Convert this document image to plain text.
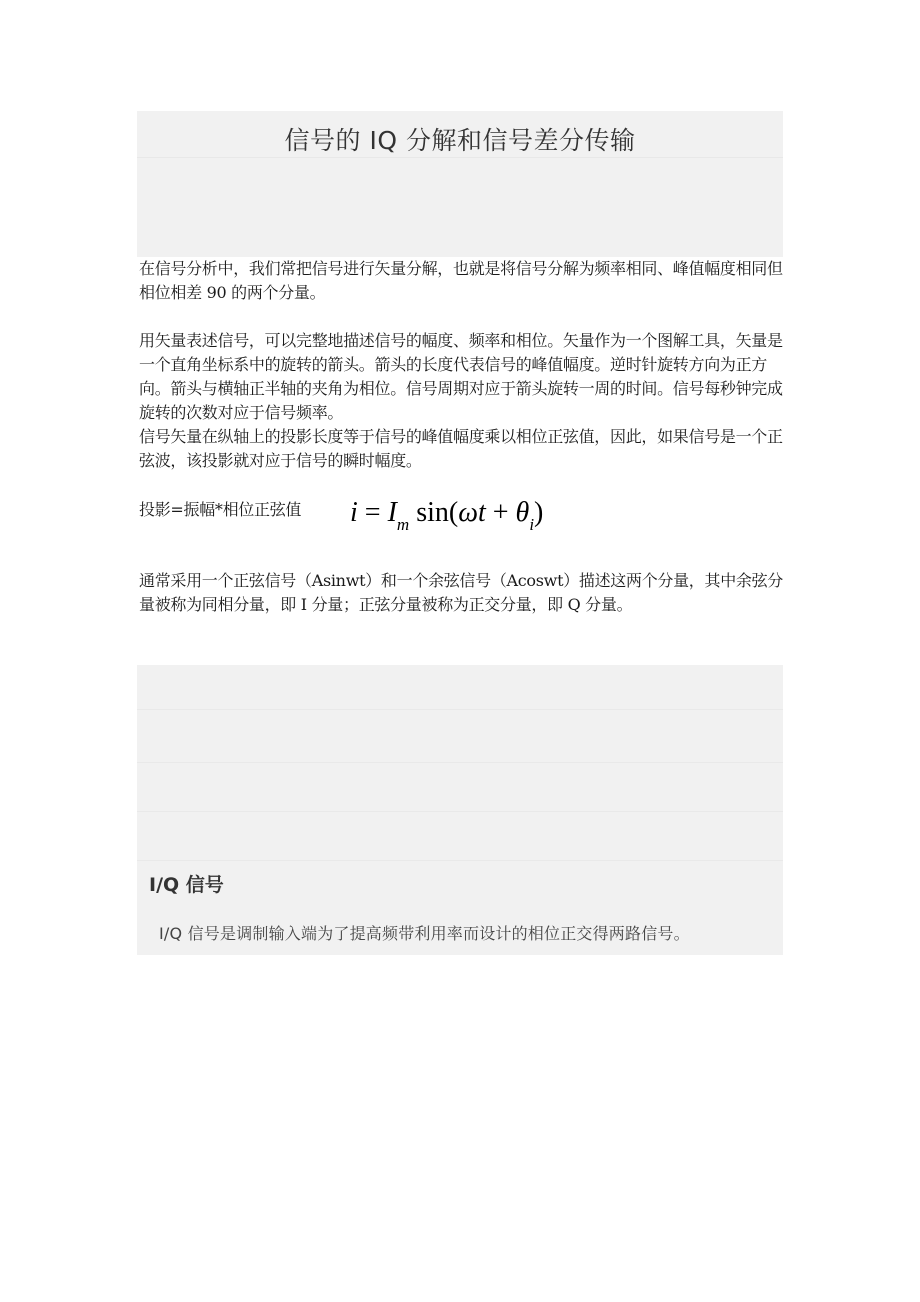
信号的 IQ 分解和信号差分传输

在信号分析中，我们常把信号进行矢量分解，也就是将信号分解为频率相同、峰值幅度相同但相位相差 90 的两个分量。

用矢量表述信号，可以完整地描述信号的幅度、频率和相位。矢量作为一个图解工具，矢量是一个直角坐标系中的旋转的箭头。箭头的长度代表信号的峰值幅度。逆时针旋转方向为正方向。箭头与横轴正半轴的夹角为相位。信号周期对应于箭头旋转一周的时间。信号每秒钟完成旋转的次数对应于信号频率。

信号矢量在纵轴上的投影长度等于信号的峰值幅度乘以相位正弦值，因此，如果信号是一个正弦波，该投影就对应于信号的瞬时幅度。

投影=振幅*相位正弦值 $i = I_m$ $\sin(\omega t + \theta_i)$

通常采用一个正弦信号（Asinwt）和一个余弦信号（Acoswt）描述这两个分量，其中余弦分量被称为同相分量，即 I 分量；正弦分量被称为正交分量，即 Q 分量。

I/Q 信号
I/Q 信号是调制输入端为了提高频带利用率而设计的相位正交得两路信号。
